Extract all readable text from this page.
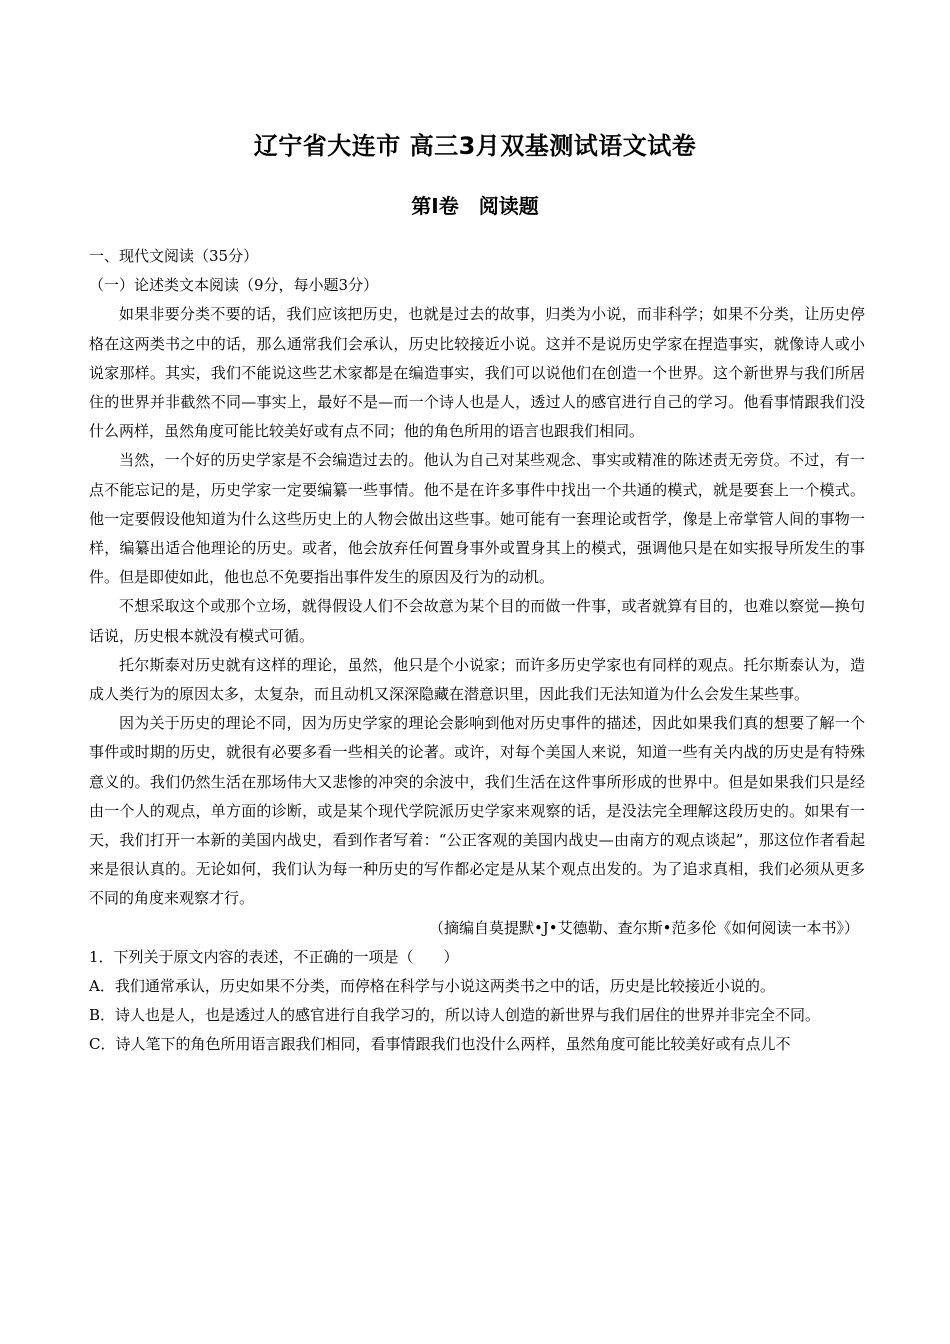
辽宁省大连市 高三3月双基测试语文试卷
第Ⅰ卷　阅读题

一、现代文阅读（35分）

（一）论述类文本阅读（9分，每小题3分）

如果非要分类不要的话，我们应该把历史，也就是过去的故事，归类为小说，而非科学；如果不分类，让历史停格在这两类书之中的话，那么通常我们会承认，历史比较接近小说。这并不是说历史学家在捏造事实，就像诗人或小说家那样。其实，我们不能说这些艺术家都是在编造事实，我们可以说他们在创造一个世界。这个新世界与我们所居住的世界并非截然不同—事实上，最好不是—而一个诗人也是人，透过人的感官进行自己的学习。他看事情跟我们没什么两样，虽然角度可能比较美好或有点不同；他的角色所用的语言也跟我们相同。

当然，一个好的历史学家是不会编造过去的。他认为自己对某些观念、事实或精准的陈述责无旁贷。不过，有一点不能忘记的是，历史学家一定要编纂一些事情。他不是在许多事件中找出一个共通的模式，就是要套上一个模式。他一定要假设他知道为什么这些历史上的人物会做出这些事。她可能有一套理论或哲学，像是上帝掌管人间的事物一样，编纂出适合他理论的历史。或者，他会放弃任何置身事外或置身其上的模式，强调他只是在如实报导所发生的事件。但是即使如此，他也总不免要指出事件发生的原因及行为的动机。

不想采取这个或那个立场，就得假设人们不会故意为某个目的而做一件事，或者就算有目的，也难以察觉—换句话说，历史根本就没有模式可循。

托尔斯泰对历史就有这样的理论，虽然，他只是个小说家；而许多历史学家也有同样的观点。托尔斯泰认为，造成人类行为的原因太多，太复杂，而且动机又深深隐藏在潜意识里，因此我们无法知道为什么会发生某些事。

因为关于历史的理论不同，因为历史学家的理论会影响到他对历史事件的描述，因此如果我们真的想要了解一个事件或时期的历史，就很有必要多看一些相关的论著。或许，对每个美国人来说，知道一些有关内战的历史是有特殊意义的。我们仍然生活在那场伟大又悲惨的冲突的余波中，我们生活在这件事所形成的世界中。但是如果我们只是经由一个人的观点，单方面的诊断，或是某个现代学院派历史学家来观察的话，是没法完全理解这段历史的。如果有一天，我们打开一本新的美国内战史，看到作者写着：“公正客观的美国内战史—由南方的观点谈起”，那这位作者看起来是很认真的。无论如何，我们认为每一种历史的写作都必定是从某个观点出发的。为了追求真相，我们必须从更多不同的角度来观察才行。

（摘编自莫提默•J•艾德勒、查尔斯•范多伦《如何阅读一本书》）

1．下列关于原文内容的表述，不正确的一项是（　　）

A．我们通常承认，历史如果不分类，而停格在科学与小说这两类书之中的话，历史是比较接近小说的。

B．诗人也是人，也是透过人的感官进行自我学习的，所以诗人创造的新世界与我们居住的世界并非完全不同。

C．诗人笔下的角色所用语言跟我们相同，看事情跟我们也没什么两样，虽然角度可能比较美好或有点儿不
